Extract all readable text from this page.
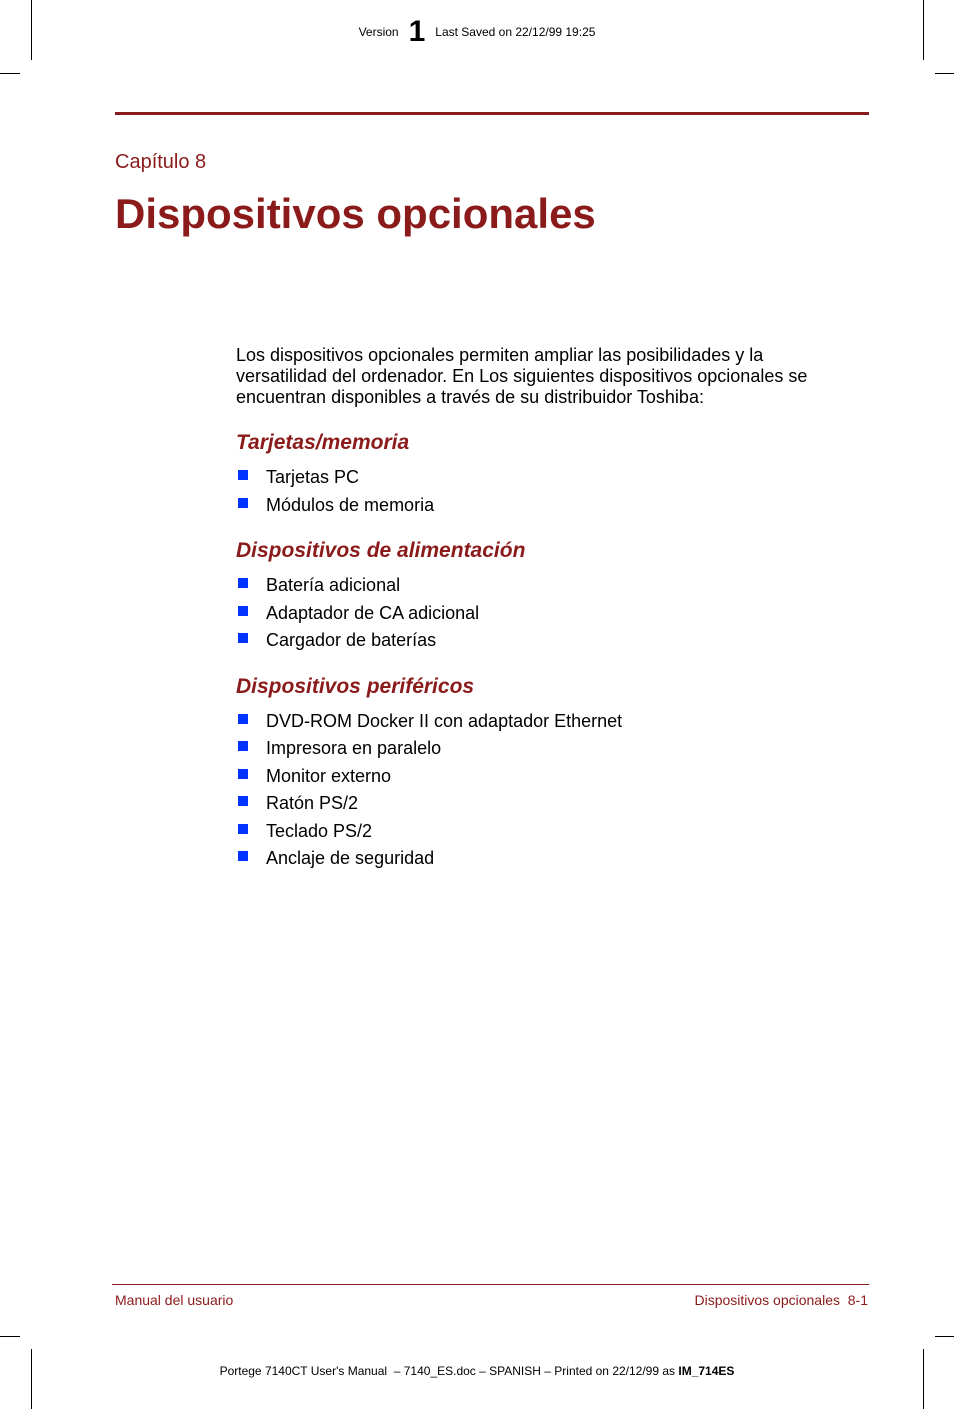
Version 1 Last Saved on 22/12/99 19:25
Capítulo 8
Dispositivos opcionales

Los dispositivos opcionales permiten ampliar las posibilidades y la versatilidad del ordenador. En Los siguientes dispositivos opcionales se encuentran disponibles a través de su distribuidor Toshiba:

Tarjetas/memoria
Tarjetas PC
Módulos de memoria
Dispositivos de alimentación
Batería adicional
Adaptador de CA adicional
Cargador de baterías
Dispositivos periféricos
DVD-ROM Docker II con adaptador Ethernet
Impresora en paralelo
Monitor externo
Ratón PS/2
Teclado PS/2
Anclaje de seguridad
Manual del usuario	Dispositivos opcionales  8-1
Portege 7140CT User's Manual  – 7140_ES.doc – SPANISH – Printed on 22/12/99 as IM_714ES
